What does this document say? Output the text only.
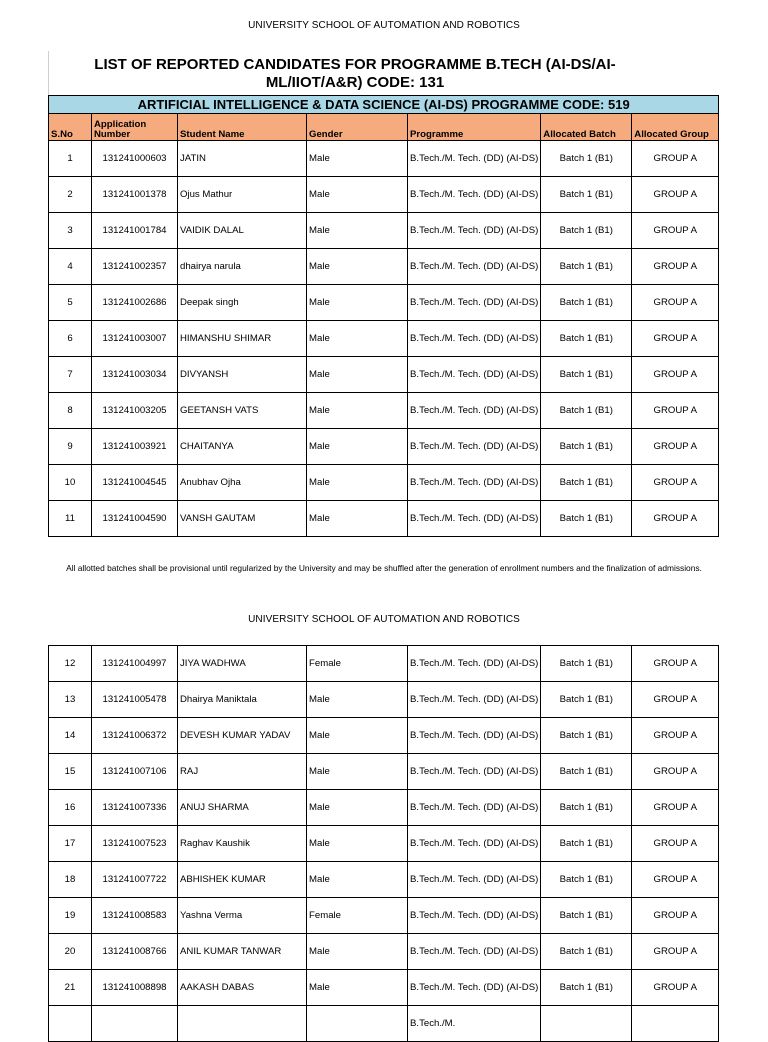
UNIVERSITY SCHOOL OF AUTOMATION AND ROBOTICS
LIST OF REPORTED CANDIDATES FOR PROGRAMME B.TECH (AI-DS/AI-
ML/IIOT/A&R) CODE: 131
ARTIFICIAL INTELLIGENCE & DATA SCIENCE (AI-DS) PROGRAMME CODE: 519						
S.No	Application Number	Student Name	Gender	Programme	Allocated Batch	Allocated Group
1	131241000603	JATIN	Male	B.Tech./M. Tech. (DD) (AI-DS)	Batch 1 (B1)	GROUP A
2	131241001378	Ojus Mathur	Male	B.Tech./M. Tech. (DD) (AI-DS)	Batch 1 (B1)	GROUP A
3	131241001784	VAIDIK DALAL	Male	B.Tech./M. Tech. (DD) (AI-DS)	Batch 1 (B1)	GROUP A
4	131241002357	dhairya narula	Male	B.Tech./M. Tech. (DD) (AI-DS)	Batch 1 (B1)	GROUP A
5	131241002686	Deepak singh	Male	B.Tech./M. Tech. (DD) (AI-DS)	Batch 1 (B1)	GROUP A
6	131241003007	HIMANSHU SHIMAR	Male	B.Tech./M. Tech. (DD) (AI-DS)	Batch 1 (B1)	GROUP A
7	131241003034	DIVYANSH	Male	B.Tech./M. Tech. (DD) (AI-DS)	Batch 1 (B1)	GROUP A
8	131241003205	GEETANSH VATS	Male	B.Tech./M. Tech. (DD) (AI-DS)	Batch 1 (B1)	GROUP A
9	131241003921	CHAITANYA	Male	B.Tech./M. Tech. (DD) (AI-DS)	Batch 1 (B1)	GROUP A
10	131241004545	Anubhav Ojha	Male	B.Tech./M. Tech. (DD) (AI-DS)	Batch 1 (B1)	GROUP A
11	131241004590	VANSH GAUTAM	Male	B.Tech./M. Tech. (DD) (AI-DS)	Batch 1 (B1)	GROUP A
All allotted batches shall be provisional until regularized by the University and may be shuffled after the generation of enrollment numbers and the finalization of admissions.
UNIVERSITY SCHOOL OF AUTOMATION AND ROBOTICS
12	131241004997	JIYA WADHWA	Female	B.Tech./M. Tech. (DD) (AI-DS)	Batch 1 (B1)	GROUP A
13	131241005478	Dhairya Maniktala	Male	B.Tech./M. Tech. (DD) (AI-DS)	Batch 1 (B1)	GROUP A
14	131241006372	DEVESH KUMAR YADAV	Male	B.Tech./M. Tech. (DD) (AI-DS)	Batch 1 (B1)	GROUP A
15	131241007106	RAJ	Male	B.Tech./M. Tech. (DD) (AI-DS)	Batch 1 (B1)	GROUP A
16	131241007336	ANUJ SHARMA	Male	B.Tech./M. Tech. (DD) (AI-DS)	Batch 1 (B1)	GROUP A
17	131241007523	Raghav Kaushik	Male	B.Tech./M. Tech. (DD) (AI-DS)	Batch 1 (B1)	GROUP A
18	131241007722	ABHISHEK KUMAR	Male	B.Tech./M. Tech. (DD) (AI-DS)	Batch 1 (B1)	GROUP A
19	131241008583	Yashna Verma	Female	B.Tech./M. Tech. (DD) (AI-DS)	Batch 1 (B1)	GROUP A
20	131241008766	ANIL KUMAR TANWAR	Male	B.Tech./M. Tech. (DD) (AI-DS)	Batch 1 (B1)	GROUP A
21	131241008898	AAKASH DABAS	Male	B.Tech./M. Tech. (DD) (AI-DS)	Batch 1 (B1)	GROUP A
				B.Tech./M.		
